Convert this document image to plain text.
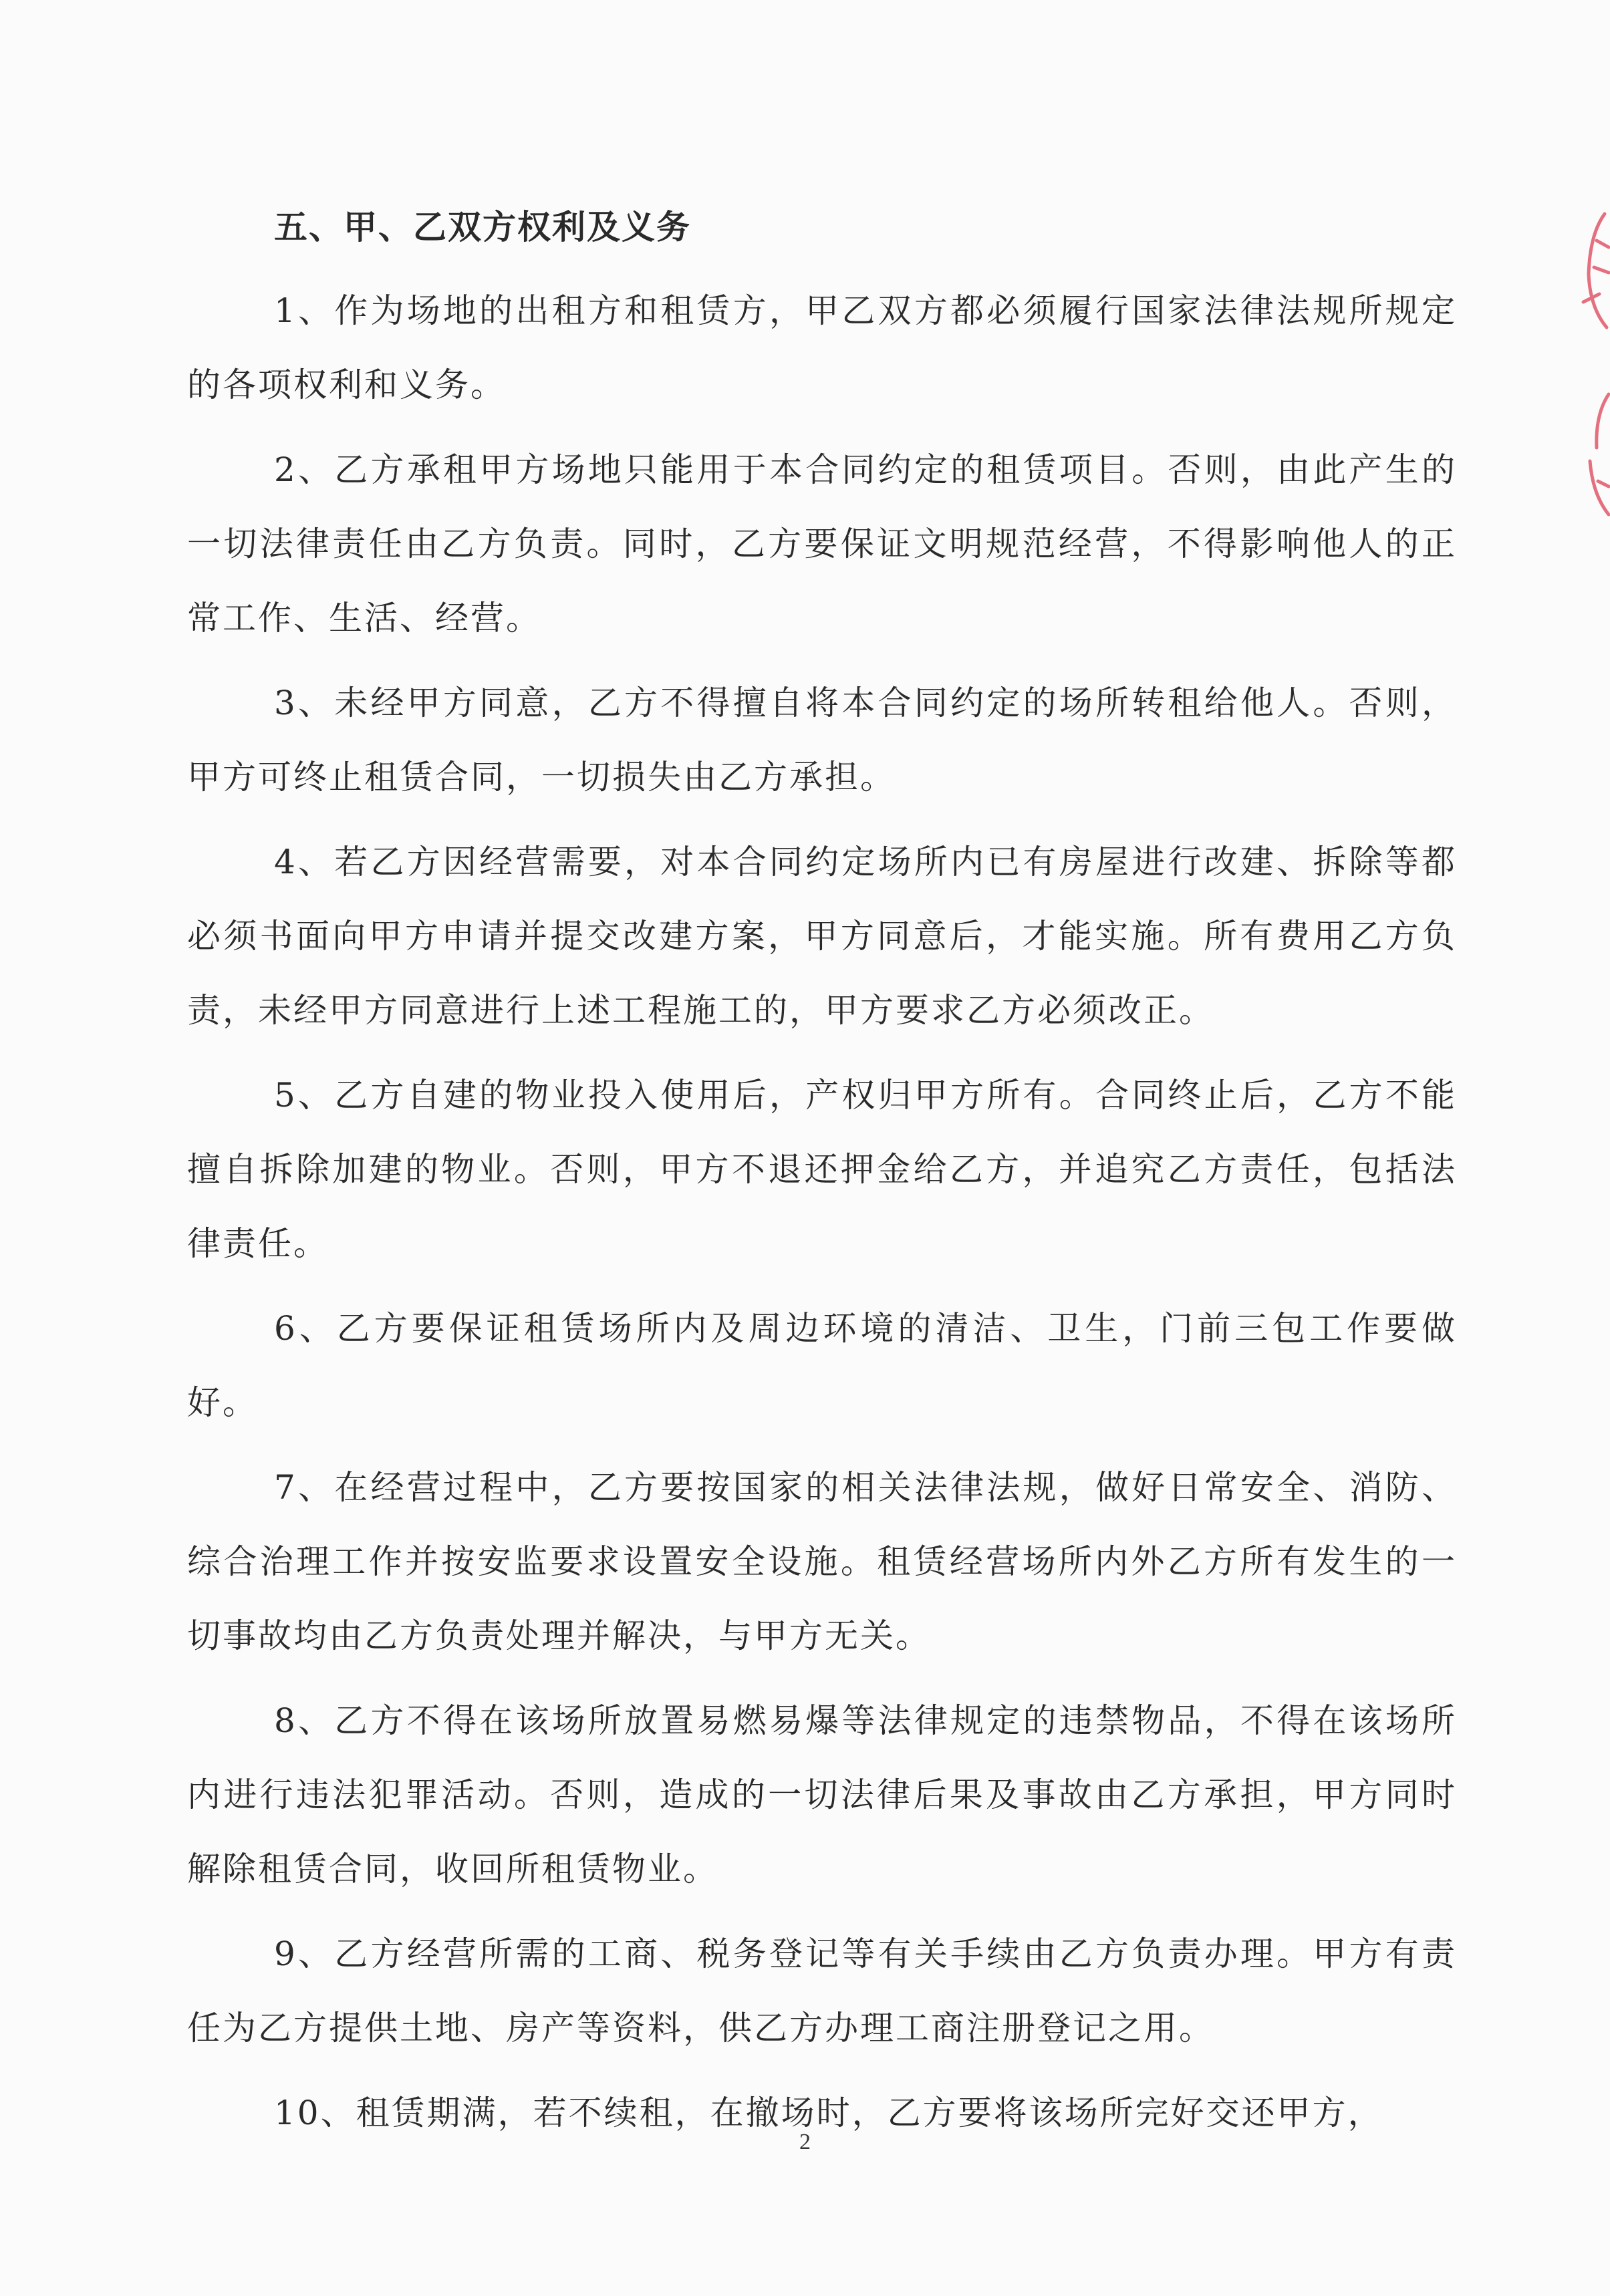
五、甲、乙双方权利及义务

1、作为场地的出租方和租赁方，甲乙双方都必须履行国家法律法规所规定的各项权利和义务。

2、乙方承租甲方场地只能用于本合同约定的租赁项目。否则，由此产生的一切法律责任由乙方负责。同时，乙方要保证文明规范经营，不得影响他人的正常工作、生活、经营。

3、未经甲方同意，乙方不得擅自将本合同约定的场所转租给他人。否则，甲方可终止租赁合同，一切损失由乙方承担。

4、若乙方因经营需要，对本合同约定场所内已有房屋进行改建、拆除等都必须书面向甲方申请并提交改建方案，甲方同意后，才能实施。所有费用乙方负责，未经甲方同意进行上述工程施工的，甲方要求乙方必须改正。

5、乙方自建的物业投入使用后，产权归甲方所有。合同终止后，乙方不能擅自拆除加建的物业。否则，甲方不退还押金给乙方，并追究乙方责任，包括法律责任。

6、乙方要保证租赁场所内及周边环境的清洁、卫生，门前三包工作要做好。

7、在经营过程中，乙方要按国家的相关法律法规，做好日常安全、消防、综合治理工作并按安监要求设置安全设施。租赁经营场所内外乙方所有发生的一切事故均由乙方负责处理并解决，与甲方无关。

8、乙方不得在该场所放置易燃易爆等法律规定的违禁物品，不得在该场所内进行违法犯罪活动。否则，造成的一切法律后果及事故由乙方承担，甲方同时解除租赁合同，收回所租赁物业。

9、乙方经营所需的工商、税务登记等有关手续由乙方负责办理。甲方有责任为乙方提供土地、房产等资料，供乙方办理工商注册登记之用。

10、租赁期满，若不续租，在撤场时，乙方要将该场所完好交还甲方，

2
